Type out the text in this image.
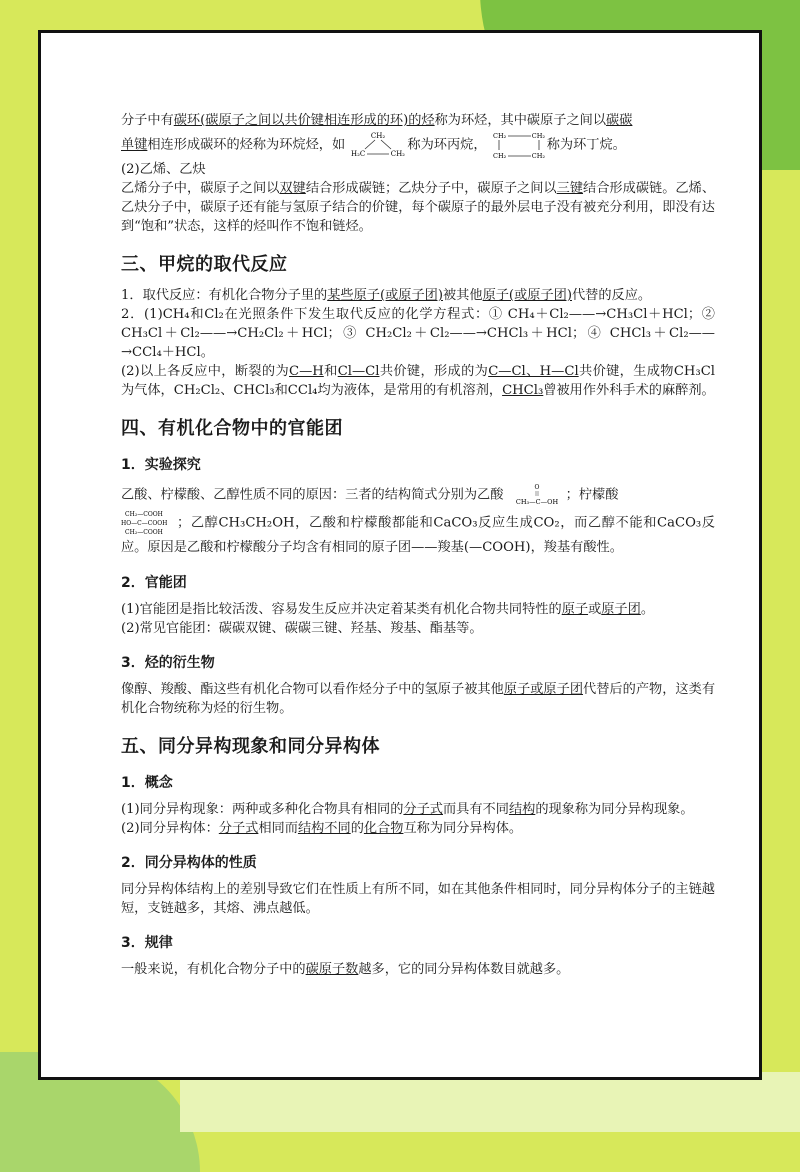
分子中有碳环(碳原子之间以共价键相连形成的环)的烃称为环烃，其中碳原子之间以碳碳
单键相连形成碳环的烃称为环烷烃，如
CH₂
H₂C	CH₂
称为环丙烷，
CH₂	CH₂
CH₂	CH₂
称为环丁烷。

(2)乙烯、乙炔

乙烯分子中，碳原子之间以双键结合形成碳链；乙炔分子中，碳原子之间以三键结合形成碳链。乙烯、乙炔分子中，碳原子还有能与氢原子结合的价键，每个碳原子的最外层电子没有被充分利用，即没有达到“饱和”状态，这样的烃叫作不饱和链烃。

三、甲烷的取代反应

1．取代反应：有机化合物分子里的某些原子(或原子团)被其他原子(或原子团)代替的反应。

2．(1)CH₄和Cl₂在光照条件下发生取代反应的化学方程式：① CH₄＋Cl₂——→CH₃Cl＋HCl；② CH₃Cl＋Cl₂——→CH₂Cl₂＋HCl；③ CH₂Cl₂＋Cl₂——→CHCl₃＋HCl；④ CHCl₃＋Cl₂——→CCl₄＋HCl。

(2)以上各反应中，断裂的为C—H和Cl—Cl共价键，形成的为C—Cl、H—Cl共价键，生成物CH₃Cl为气体，CH₂Cl₂、CHCl₃和CCl₄均为液体，是常用的有机溶剂，CHCl₃曾被用作外科手术的麻醉剂。

四、有机化合物中的官能团
1．实验探究

乙酸、柠檬酸、乙醇性质不同的原因：三者的结构简式分别为乙酸	O
CH₃—C—OH ；柠檬酸

CH₂—COOH
HO—C—COOH
CH₂—COOH
；乙醇CH₃CH₂OH，乙酸和柠檬酸都能和CaCO₃反应生成CO₂，而乙醇不能和CaCO₃反应。原因是乙酸和柠檬酸分子均含有相同的原子团——羧基(—COOH)，羧基有酸性。

2．官能团

(1)官能团是指比较活泼、容易发生反应并决定着某类有机化合物共同特性的原子或原子团。

(2)常见官能团：碳碳双键、碳碳三键、羟基、羧基、酯基等。

3．烃的衍生物

像醇、羧酸、酯这些有机化合物可以看作烃分子中的氢原子被其他原子或原子团代替后的产物，这类有机化合物统称为烃的衍生物。

五、同分异构现象和同分异构体
1．概念

(1)同分异构现象：两种或多种化合物具有相同的分子式而具有不同结构的现象称为同分异构现象。

(2)同分异构体：分子式相同而结构不同的化合物互称为同分异构体。

2．同分异构体的性质

同分异构体结构上的差别导致它们在性质上有所不同，如在其他条件相同时，同分异构体分子的主链越短，支链越多，其熔、沸点越低。

3．规律

一般来说，有机化合物分子中的碳原子数越多，它的同分异构体数目就越多。
